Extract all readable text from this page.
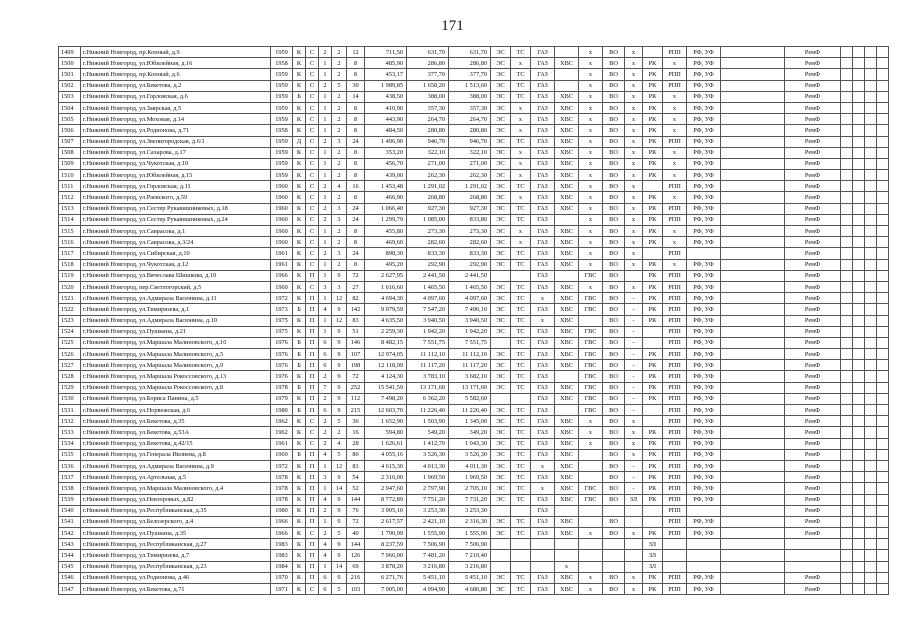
171
1499	г.Нижний Новгород, пр.Копный, д.9	1959	К	С	2	2	12	711,50	631,70	631,70	ЭС	ТС	ГАЗ		х	ВО	х		РПП	РФ, УФ		РемФ				
1500	г.Нижний Новгород, ул.Юбилейная, д.16	1958	К	С	1	2	8	485,90	286,80	286,80	ЭС	х	ГАЗ	ХВС	х	ВО	х	РК	х	РФ, УФ		РемФ				
1501	г.Нижний Новгород, пр.Копный, д.6	1959	К	С	1	2	8	453,17	377,70	377,70	ЭС	ТС	ГАЗ		х	ВО	х	РК	РПП	РФ, УФ		РемФ				
1502	г.Нижний Новгород, ул.Бекетова, д.2	1959	К	С	2	5	30	1 989,85	1 658,20	1 513,60	ЭС	ТС	ГАЗ		х	ВО	х	РК	РПП	РФ, УФ		РемФ				
1503	г.Нижний Новгород, ул.Горловская, д.6	1959	Б	С	1	2	14	438,50	388,00	388,00	ЭС	ТС	ГАЗ	ХВС	х	ВО	х	РК	х	РФ, УФ		РемФ				
1504	г.Нижний Новгород, ул.Заярская, д.5	1959	К	С	1	2	8	410,90	357,30	357,30	ЭС	х	ГАЗ	ХВС	х	ВО	х	РК	х	РФ, УФ		РемФ				
1505	г.Нижний Новгород, ул.Моховая, д.14	1959	К	С	1	2	8	443,90	264,70	264,70	ЭС	х	ГАЗ	ХВС	х	ВО	х	РК	х	РФ, УФ		РемФ				
1506	г.Нижний Новгород, ул.Родионова, д.71	1958	К	С	1	2	8	484,50	280,80	280,80	ЭС	х	ГАЗ	ХВС	х	ВО	х	РК	х	РФ, УФ		РемФ				
1507	г.Нижний Новгород, ул.Звенигородская, д.6/1	1959	Д	С	2	3	24	1 496,90	946,70	946,70	ЭС	ТС	ГАЗ	ХВС	х	ВО	х	РК	РПП	РФ, УФ		РемФ				
1508	г.Нижний Новгород, ул.Сахарова, д.17	1959	К	С	1	2	8	353,20	322,10	322,10	ЭС	х	ГАЗ	ХВС	х	ВО	х	РК	х	РФ, УФ		РемФ				
1509	г.Нижний Новгород, ул.Чукотская, д.10	1959	К	С	1	2	8	456,70	271,00	271,00	ЭС	х	ГАЗ	ХВС	х	ВО	х	РК	х	РФ, УФ		РемФ				
1510	г.Нижний Новгород, ул.Юбилейная, д.15	1959	К	С	1	2	8	439,00	262,30	262,30	ЭС	х	ГАЗ	ХВС	х	ВО	х	РК	х	РФ, УФ		РемФ				
1511	г.Нижний Новгород, ул.Горловская, д.11	1960	К	С	2	4	16	1 453,48	1 291,02	1 291,02	ЭС	ТС	ГАЗ	ХВС	х	ВО	х		РПП	РФ, УФ		РемФ				
1512	г.Нижний Новгород, ул.Раевского, д.59	1960	К	С	1	2	8	466,90	268,80	268,80	ЭС	х	ГАЗ	ХВС	х	ВО	х	РК	х	РФ, УФ		РемФ				
1513	г.Нижний Новгород, ул.Сестер Рукавишниковых, д.18	1960	К	С	2	3	24	1 066,40	927,30	927,30	ЭС	ТС	ГАЗ	ХВС	х	ВО	х	РК	РПП	РФ, УФ		РемФ				
1514	г.Нижний Новгород, ул.Сестер Рукавишниковых, д.24	1960	К	С	2	3	24	1 299,79	1 085,00	833,80	ЭС	ТС	ГАЗ		х	ВО	х	РК	РПП	РФ, УФ		РемФ				
1515	г.Нижний Новгород, ул.Саврасова, д.1	1960	К	С	1	2	8	455,80	273,30	273,30	ЭС	х	ГАЗ	ХВС	х	ВО	х	РК	х	РФ, УФ		РемФ				
1516	г.Нижний Новгород, ул.Саврасова, д.3/24	1960	К	С	1	2	8	469,60	282,60	282,60	ЭС	х	ГАЗ	ХВС	х	ВО	х	РК	х	РФ, УФ		РемФ				
1517	г.Нижний Новгород, ул.Сибирская, д.10	1961	К	С	2	3	24	898,30	833,30	833,30	ЭС	ТС	ГАЗ	ХВС	х	ВО	х		РПП			РемФ				
1518	г.Нижний Новгород, ул.Чукотская, д.12	1961	К	С	1	2	8	495,20	292,90	292,90	ЭС	ТС	ГАЗ	ХВС	х	ВО	х	РК	х	РФ, УФ		РемФ				
1519	г.Нижний Новгород, ул.Вячеслава Шишкова, д.10	1966	К	П	1	9	72	2 627,95	2 441,50	2 441,50			ГАЗ		ГВС	ВО		РК	РПП	РФ, УФ		РемФ				
1520	г.Нижний Новгород, пер.Светлогорский, д.5	1960	К	С	3	3	27	1 616,60	1 465,50	1 465,50	ЭС	ТС	ГАЗ	ХВС	х	ВО	х	РК	РПП	РФ, УФ		РемФ				
1521	г.Нижний Новгород, ул.Адмирала Васюнина, д.11	1972	К	П	1	12	82	4 694,30	4 097,60	4 097,60	ЭС	ТС	х	ХВС	ГВС	ВО	-	РК	РПП	РФ, УФ		РемФ				
1522	г.Нижний Новгород, ул.Тимирязева, д.1	1973	Б	П	4	9	142	9 079,59	7 547,20	7 490,10	ЭС	ТС	ГАЗ	ХВС	ГВС	ВО	-	РК	РПП	РФ, УФ		РемФ				
1523	г.Нижний Новгород, ул.Адмирала Васюнина, д.10	1975	К	П	1	12	83	4 635,50	3 940,50	3 940,50	ЭС	ТС	х	ХВС		ВО	-	РК	РПП	РФ, УФ		РемФ				
1524	г.Нижний Новгород, ул.Пушкина, д.21	1975	К	П	1	9	51	2 259,30	1 942,20	1 942,20	ЭС	ТС	ГАЗ	ХВС	ГВС	ВО	-		РПП	РФ, УФ		РемФ				
1525	г.Нижний Новгород, ул.Маршала Малиновского, д.10	1976	Б	П	6	9	146	8 482,15	7 551,75	7 551,75		ТС	ГАЗ	ХВС	ГВС	ВО	-		РПП	РФ, УФ		РемФ				
1526	г.Нижний Новгород, ул.Маршала Малиновского, д.5	1976	Б	П	6	9	107	12 974,05	11 112,10	11 112,10	ЭС	ТС	ГАЗ	ХВС	ГВС	ВО	-	РК	РПП	РФ, УФ		РемФ				
1527	г.Нижний Новгород, ул.Маршала Малиновского, д.9	1976	Б	П	6	9	198	12 118,99	11 117,20	11 117,20	ЭС	ТС	ГАЗ	ХВС	ГВС	ВО	-	РК	РПП	РФ, УФ		РемФ				
1528	г.Нижний Новгород, ул.Маршала Рокоссовского, д.13	1976	К	П	2	9	72	4 124,30	3 783,10	3 682,10	ЭС	ТС	ГАЗ		ГВС	ВО	-	РК	РПП	РФ, УФ		РемФ				
1529	г.Нижний Новгород, ул.Маршала Рокоссовского, д.8	1978	Б	П	7	9	252	15 541,59	13 171,60	13 171,60	ЭС	ТС	ГАЗ	ХВС	ГВС	ВО	-	РК	РПП	РФ, УФ		РемФ				
1530	г.Нижний Новгород, ул.Бориса Панина, д.5	1979	К	П	2	9	112	7 498,20	6 362,20	5 582,60			ГАЗ	ХВС	ГВС	ВО	-	РК	РПП	РФ, УФ		РемФ				
1531	г.Нижний Новгород, ул.Норвежская, д.6	1980	Б	П	6	9	215	12 603,70	11 226,40	11 226,40	ЭС	ТС	ГАЗ		ГВС	ВО	-		РПП	РФ, УФ		РемФ				
1532	г.Нижний Новгород, ул.Бекетова, д.35	1962	К	С	2	5	36	1 652,90	1 503,90	1 345,00	ЭС	ТС	ГАЗ	ХВС	х	ВО	х		РПП	РФ, УФ		РемФ				
1533	г.Нижний Новгород, ул.Бекетова, д.53А	1962	К	С	2	2	16	594,80	549,20	349,20	ЭС	ТС	ГАЗ	ХВС	х	ВО	х	РК	РПП	РФ, УФ		РемФ				
1534	г.Нижний Новгород, ул.Бекетова, д.42/15	1961	К	С	2	4	28	1 626,61	1 412,70	1 043,30	ЭС	ТС	ГАЗ	ХВС	х	ВО	х	РК	РПП	РФ, УФ		РемФ				
1535	г.Нижний Новгород, ул.Генерала Ивлиева, д.8	1969	Б	П	4	5	80	4 055,16	3 526,30	3 526,30	ЭС	ТС	ГАЗ	ХВС		ВО	х	РК	РПП	РФ, УФ		РемФ				
1536	г.Нижний Новгород, ул.Адмирала Васюнина, д.9	1972	К	П	1	12	83	4 615,30	4 013,30	4 011,30	ЭС	ТС	х	ХВС		ВО	-	РК	РПП	РФ, УФ		РемФ				
1537	г.Нижний Новгород, ул.Артельная, д.5	1978	К	П	3	9	54	2 316,00	1 969,50	1 969,50	ЭС	ТС	ГАЗ	ХВС		ВО	-	РК	РПП	РФ, УФ		РемФ				
1538	г.Нижний Новгород, ул.Маршала Малиновского, д.4	1978	К	П	1	14	52	2 947,60	2 797,90	2 705,10	ЭС	ТС	х	ХВС	ГВС	ВО	-	РК	РПП	РФ, УФ		РемФ				
1539	г.Нижний Новгород, ул.Невзоровых, д.82	1978	К	П	4	9	144	8 772,89	7 751,20	7 731,20	ЭС	ТС	ГАЗ	ХВС	ГВС	ВО	ЗЛ	РК	РПП	РФ, УФ		РемФ				
1540	г.Нижний Новгород, ул.Республиканская, д.35	1980	К	П	2	9	76	3 905,10	3 253,30	3 253,30			ГАЗ						РПП			РемФ				
1541	г.Нижний Новгород, ул.Белозерского, д.4	1966	К	П	1	9	72	2 617,57	2 421,10	2 316,30	ЭС	ТС	ГАЗ	ХВС		ВО			РПП	РФ, УФ		РемФ				
1542	г.Нижний Новгород, ул.Пушкина, д.35	1966	К	С	2	5	40	1 790,99	1 555,90	1 555,90	ЭС	ТС	ГАЗ	ХВС	х	ВО	х	РК	РПП	РФ, УФ		РемФ				
1543	г.Нижний Новгород, ул.Республиканская, д.27	1983	К	П	4	9	144	8 237,59	7 506,90	7 506,90								ЗЛ								
1544	г.Нижний Новгород, ул.Тимирязева, д.7	1983	К	П	4	9	126	7 966,00	7 481,20	7 210,40								ЗЛ								
1545	г.Нижний Новгород, ул.Республиканская, д.23	1984	К	П	1	14	69	3 878,20	3 216,80	3 216,80				х				ЗЛ								
1546	г.Нижний Новгород, ул.Родионова, д.46	1970	К	П	6	9	216	6 271,76	5 451,10	5 451,10	ЭС	ТС	ГАЗ	ХВС	х	ВО	х	РК	РПП	РФ, УФ		РемФ				
1547	г.Нижний Новгород, ул.Бекетова, д.71	1971	К	С	6	5	103	7 905,00	4 994,90	4 680,80	ЭС	ТС	ГАЗ	ХВС	х	ВО	х	РК	РПП	РФ, УФ		РемФ				
